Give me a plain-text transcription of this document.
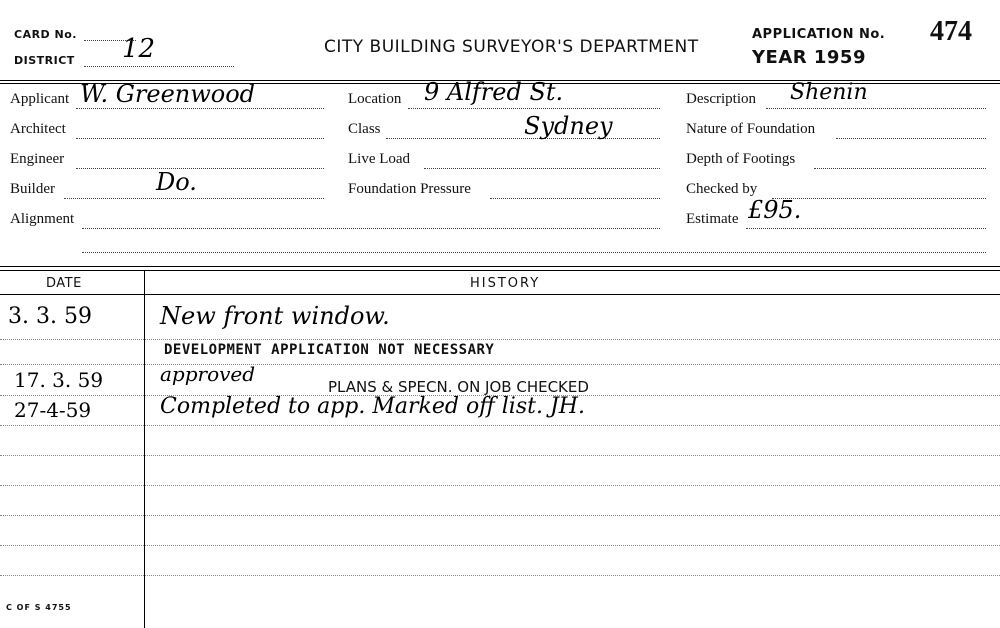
CARD No.
DISTRICT 12	CITY BUILDING SURVEYOR'S DEPARTMENT
APPLICATION No. 474
YEAR 1959
Applicant W. Greenwood
Architect
Engineer
Builder	Do.
Alignment
Location 9 Alfred St.
Class	Sydney
Live Load
Foundation Pressure
Description Shenin
Nature of Foundation
Depth of Footings
Checked by
Estimate £95.
DATE	HISTORY
3. 3. 59	New front window.
DEVELOPMENT APPLICATION NOT NECESSARY
17. 3. 59	approved
PLANS & SPECN. ON JOB CHECKED
27-4-59	Completed to app. Marked off list. JH.
C OF S 4755
